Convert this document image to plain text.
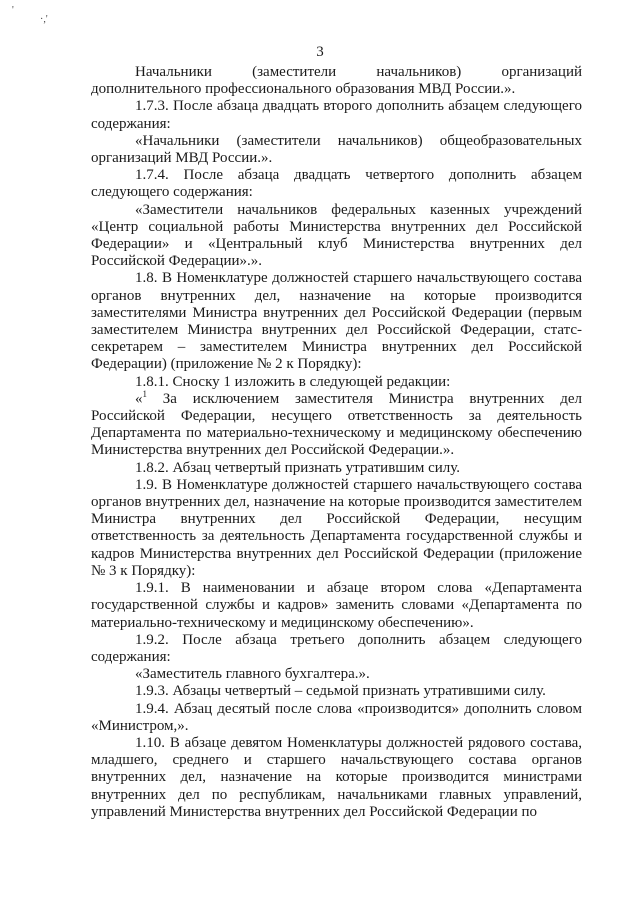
'
·,'
3

Начальники (заместители начальников) организаций дополнительного профессионального образования МВД России.».

1.7.3. После абзаца двадцать второго дополнить абзацем следующего содержания:

«Начальники (заместители начальников) общеобразовательных организаций МВД России.».

1.7.4. После абзаца двадцать четвертого дополнить абзацем следующего содержания:

«Заместители начальников федеральных казенных учреждений «Центр социальной работы Министерства внутренних дел Российской Федерации» и «Центральный клуб Министерства внутренних дел Российской Федерации».».

1.8. В Номенклатуре должностей старшего начальствующего состава органов внутренних дел, назначение на которые производится заместителями Министра внутренних дел Российской Федерации (первым заместителем Министра внутренних дел Российской Федерации, статс-секретарем – заместителем Министра внутренних дел Российской Федерации) (приложение № 2 к Порядку):

1.8.1. Сноску 1 изложить в следующей редакции:

«$^1$ За исключением заместителя Министра внутренних дел Российской Федерации, несущего ответственность за деятельность Департамента по материально-техническому и медицинскому обеспечению Министерства внутренних дел Российской Федерации.».

1.8.2. Абзац четвертый признать утратившим силу.

1.9. В Номенклатуре должностей старшего начальствующего состава органов внутренних дел, назначение на которые производится заместителем Министра внутренних дел Российской Федерации, несущим ответственность за деятельность Департамента государственной службы и кадров Министерства внутренних дел Российской Федерации (приложение № 3 к Порядку):

1.9.1. В наименовании и абзаце втором слова «Департамента государственной службы и кадров» заменить словами «Департамента по материально-техническому и медицинскому обеспечению».

1.9.2. После абзаца третьего дополнить абзацем следующего содержания:

«Заместитель главного бухгалтера.».

1.9.3. Абзацы четвертый – седьмой признать утратившими силу.

1.9.4. Абзац десятый после слова «производится» дополнить словом «Министром,».

1.10. В абзаце девятом Номенклатуры должностей рядового состава, младшего, среднего и старшего начальствующего состава органов внутренних дел, назначение на которые производится министрами внутренних дел по республикам, начальниками главных управлений, управлений Министерства внутренних дел Российской Федерации по
